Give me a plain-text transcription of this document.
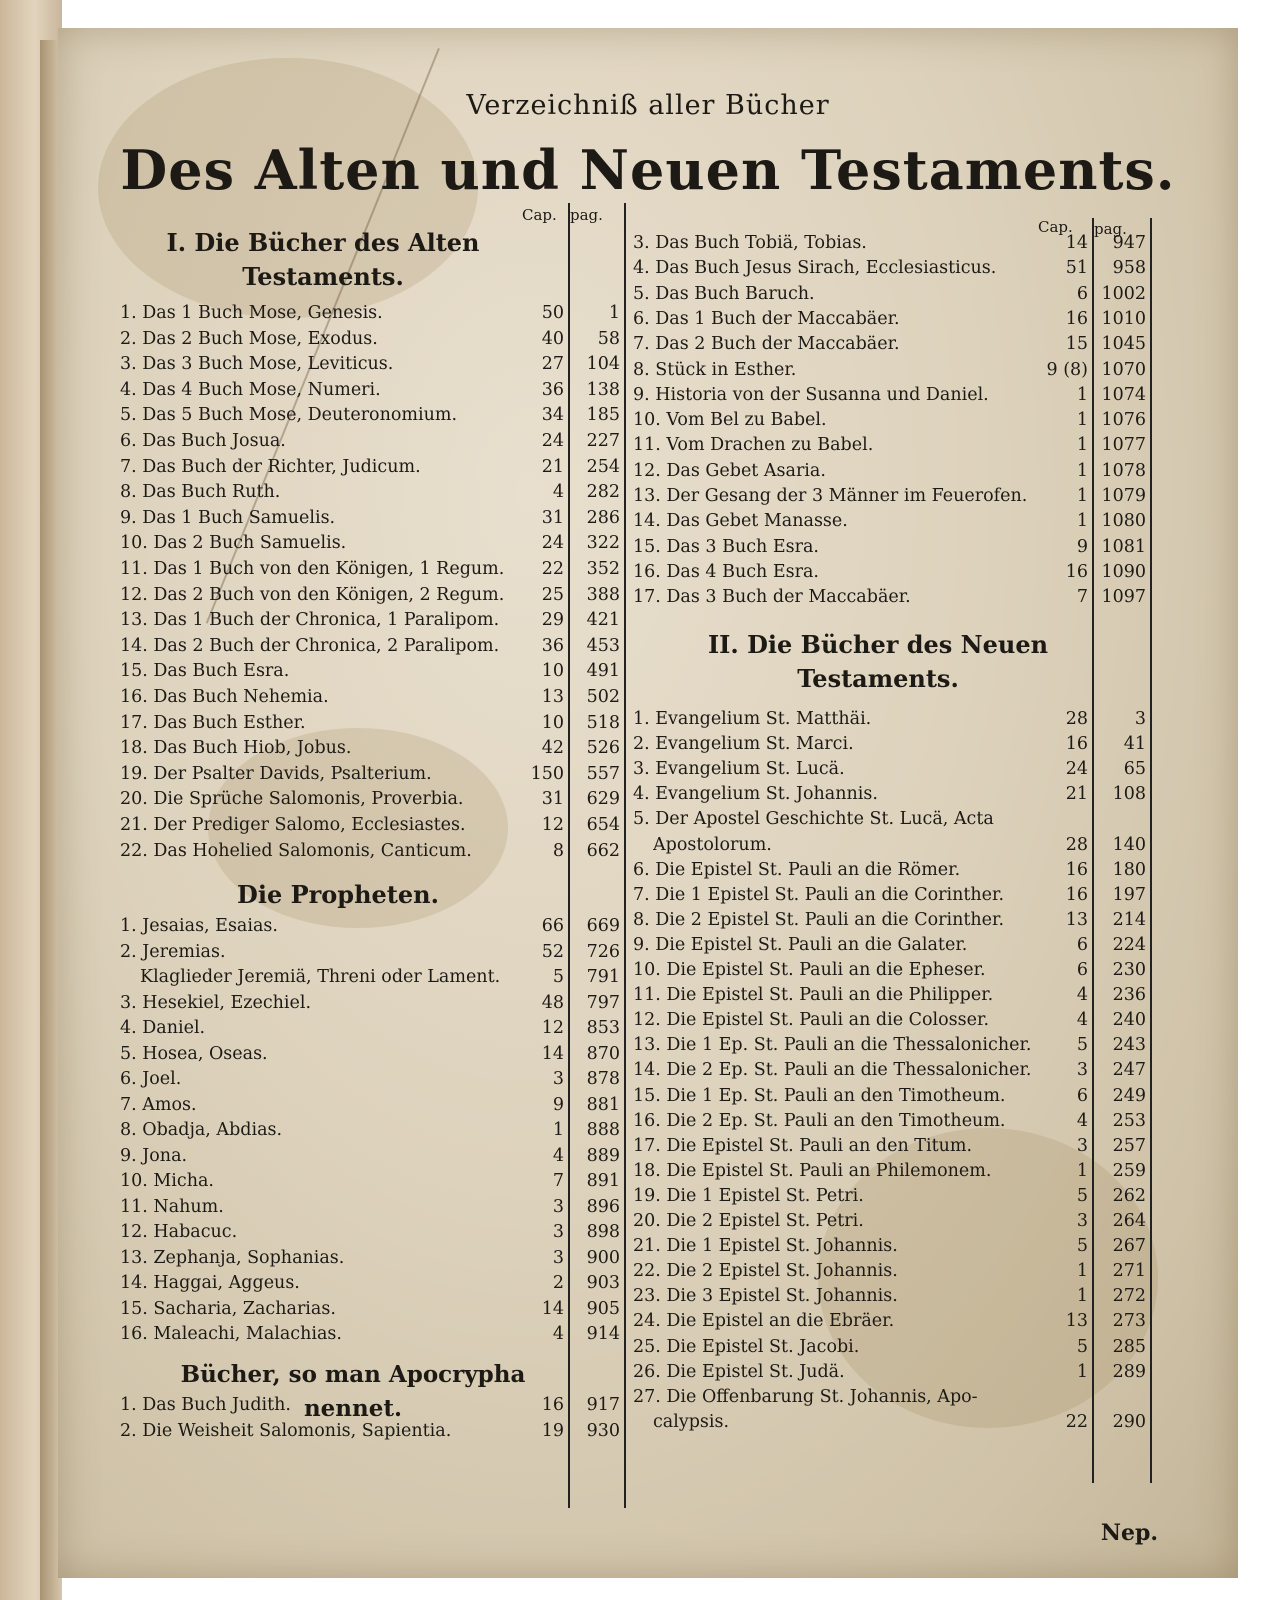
Verzeichniß aller Bücher
Des Alten und Neuen Testaments.
Cap. pag.
Cap. pag.
I. Die Bücher des Alten Testaments.
Die Propheten.
Bücher, so man Apocrypha nennet.
II. Die Bücher des Neuen Testaments.
1. Das 1 Buch Mose, Genesis.	50	1
2. Das 2 Buch Mose, Exodus.	40	58
3. Das 3 Buch Mose, Leviticus.	27	104
4. Das 4 Buch Mose, Numeri.	36	138
5. Das 5 Buch Mose, Deuteronomium.	34	185
6. Das Buch Josua.	24	227
7. Das Buch der Richter, Judicum.	21	254
8. Das Buch Ruth.	4	282
9. Das 1 Buch Samuelis.	31	286
10. Das 2 Buch Samuelis.	24	322
11. Das 1 Buch von den Königen, 1 Regum.	22	352
12. Das 2 Buch von den Königen, 2 Regum.	25	388
13. Das 1 Buch der Chronica, 1 Paralipom.	29	421
14. Das 2 Buch der Chronica, 2 Paralipom.	36	453
15. Das Buch Esra.	10	491
16. Das Buch Nehemia.	13	502
17. Das Buch Esther.	10	518
18. Das Buch Hiob, Jobus.	42	526
19. Der Psalter Davids, Psalterium.	150	557
20. Die Sprüche Salomonis, Proverbia.	31	629
21. Der Prediger Salomo, Ecclesiastes.	12	654
22. Das Hohelied Salomonis, Canticum.	8	662
1. Jesaias, Esaias.	66	669
2. Jeremias.	52	726
Klaglieder Jeremiä, Threni oder Lament.	5	791
3. Hesekiel, Ezechiel.	48	797
4. Daniel.	12	853
5. Hosea, Oseas.	14	870
6. Joel.	3	878
7. Amos.	9	881
8. Obadja, Abdias.	1	888
9. Jona.	4	889
10. Micha.	7	891
11. Nahum.	3	896
12. Habacuc.	3	898
13. Zephanja, Sophanias.	3	900
14. Haggai, Aggeus.	2	903
15. Sacharia, Zacharias.	14	905
16. Maleachi, Malachias.	4	914
1. Das Buch Judith.	16	917
2. Die Weisheit Salomonis, Sapientia.	19	930
3. Das Buch Tobiä, Tobias.	14	947
4. Das Buch Jesus Sirach, Ecclesiasticus.	51	958
5. Das Buch Baruch.	6 1002
6. Das 1 Buch der Maccabäer.	16 1010
7. Das 2 Buch der Maccabäer.	15 1045
8. Stück in Esther.	9 (8) 1070
9. Historia von der Susanna und Daniel.	1 1074
10. Vom Bel zu Babel.	1 1076
11. Vom Drachen zu Babel.	1 1077
12. Das Gebet Asaria.	1 1078
13. Der Gesang der 3 Männer im Feuerofen.	1 1079
14. Das Gebet Manasse.	1 1080
15. Das 3 Buch Esra.	9 1081
16. Das 4 Buch Esra.	16 1090
17. Das 3 Buch der Maccabäer.	7 1097
1. Evangelium St. Matthäi.	28	3
2. Evangelium St. Marci.	16	41
3. Evangelium St. Lucä.	24	65
4. Evangelium St. Johannis.	21	108
5. Der Apostel Geschichte St. Lucä, Acta
Apostolorum.	28	140
6. Die Epistel St. Pauli an die Römer.	16	180
7. Die 1 Epistel St. Pauli an die Corinther.	16	197
8. Die 2 Epistel St. Pauli an die Corinther.	13	214
9. Die Epistel St. Pauli an die Galater.	6	224
10. Die Epistel St. Pauli an die Epheser.	6	230
11. Die Epistel St. Pauli an die Philipper.	4	236
12. Die Epistel St. Pauli an die Colosser.	4	240
13. Die 1 Ep. St. Pauli an die Thessalonicher.	5	243
14. Die 2 Ep. St. Pauli an die Thessalonicher.	3	247
15. Die 1 Ep. St. Pauli an den Timotheum.	6	249
16. Die 2 Ep. St. Pauli an den Timotheum.	4	253
17. Die Epistel St. Pauli an den Titum.	3	257
18. Die Epistel St. Pauli an Philemonem.	1	259
19. Die 1 Epistel St. Petri.	5	262
20. Die 2 Epistel St. Petri.	3	264
21. Die 1 Epistel St. Johannis.	5	267
22. Die 2 Epistel St. Johannis.	1	271
23. Die 3 Epistel St. Johannis.	1	272
24. Die Epistel an die Ebräer.	13	273
25. Die Epistel St. Jacobi.	5	285
26. Die Epistel St. Judä.	1	289
27. Die Offenbarung St. Johannis, Apo-
calypsis.	22	290
Nep.
